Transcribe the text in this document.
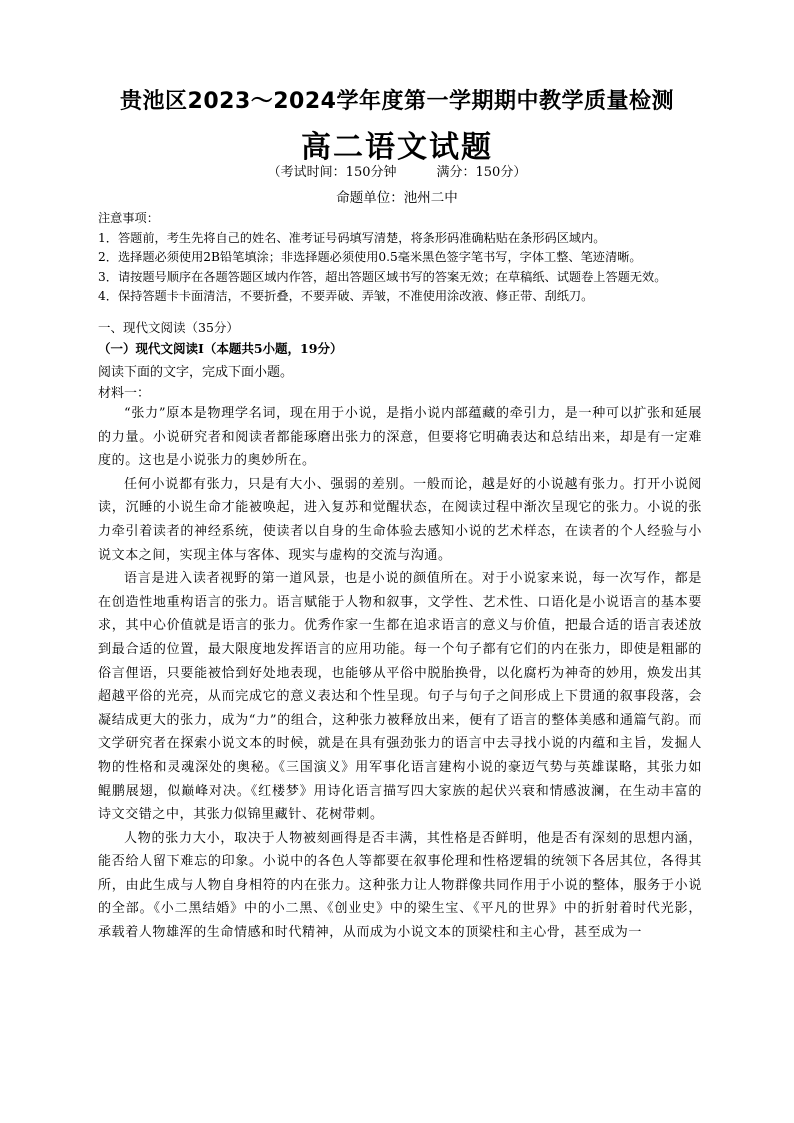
贵池区2023～2024学年度第一学期期中教学质量检测
高二语文试题
（考试时间：150分钟	满分：150分）
命题单位：池州二中
注意事项：
1．答题前，考生先将自己的姓名、准考证号码填写清楚，将条形码准确粘贴在条形码区域内。
2．选择题必须使用2B铅笔填涂；非选择题必须使用0.5毫米黑色签字笔书写，字体工整、笔迹清晰。
3．请按题号顺序在各题答题区域内作答，超出答题区域书写的答案无效；在草稿纸、试题卷上答题无效。
4．保持答题卡卡面清洁，不要折叠，不要弄破、弄皱，不准使用涂改液、修正带、刮纸刀。
一、现代文阅读（35分）
（一）现代文阅读Ⅰ（本题共5小题，19分）
阅读下面的文字，完成下面小题。
材料一：

“张力”原本是物理学名词，现在用于小说，是指小说内部蕴藏的牵引力，是一种可以扩张和延展的力量。小说研究者和阅读者都能琢磨出张力的深意，但要将它明确表达和总结出来，却是有一定难度的。这也是小说张力的奥妙所在。

任何小说都有张力，只是有大小、强弱的差别。一般而论，越是好的小说越有张力。打开小说阅读，沉睡的小说生命才能被唤起，进入复苏和觉醒状态，在阅读过程中渐次呈现它的张力。小说的张力牵引着读者的神经系统，使读者以自身的生命体验去感知小说的艺术样态，在读者的个人经验与小说文本之间，实现主体与客体、现实与虚构的交流与沟通。

语言是进入读者视野的第一道风景，也是小说的颜值所在。对于小说家来说，每一次写作，都是在创造性地重构语言的张力。语言赋能于人物和叙事，文学性、艺术性、口语化是小说语言的基本要求，其中心价值就是语言的张力。优秀作家一生都在追求语言的意义与价值，把最合适的语言表述放到最合适的位置，最大限度地发挥语言的应用功能。每一个句子都有它们的内在张力，即使是粗鄙的俗言俚语，只要能被恰到好处地表现，也能够从平俗中脱胎换骨，以化腐朽为神奇的妙用，焕发出其超越平俗的光亮，从而完成它的意义表达和个性呈现。句子与句子之间形成上下贯通的叙事段落，会凝结成更大的张力，成为“力”的组合，这种张力被释放出来，便有了语言的整体美感和通篇气韵。而文学研究者在探索小说文本的时候，就是在具有强劲张力的语言中去寻找小说的内蕴和主旨，发掘人物的性格和灵魂深处的奥秘。《三国演义》用军事化语言建构小说的豪迈气势与英雄谋略，其张力如鲲鹏展翅，似巅峰对决。《红楼梦》用诗化语言描写四大家族的起伏兴衰和情感波澜，在生动丰富的诗文交错之中，其张力似锦里藏针、花树带刺。

人物的张力大小，取决于人物被刻画得是否丰满，其性格是否鲜明，他是否有深刻的思想内涵，能否给人留下难忘的印象。小说中的各色人等都要在叙事伦理和性格逻辑的统领下各居其位，各得其所，由此生成与人物自身相符的内在张力。这种张力让人物群像共同作用于小说的整体，服务于小说的全部。《小二黑结婚》中的小二黑、《创业史》中的梁生宝、《平凡的世界》中的折射着时代光影，承载着人物雄浑的生命情感和时代精神，从而成为小说文本的顶梁柱和主心骨，甚至成为一
